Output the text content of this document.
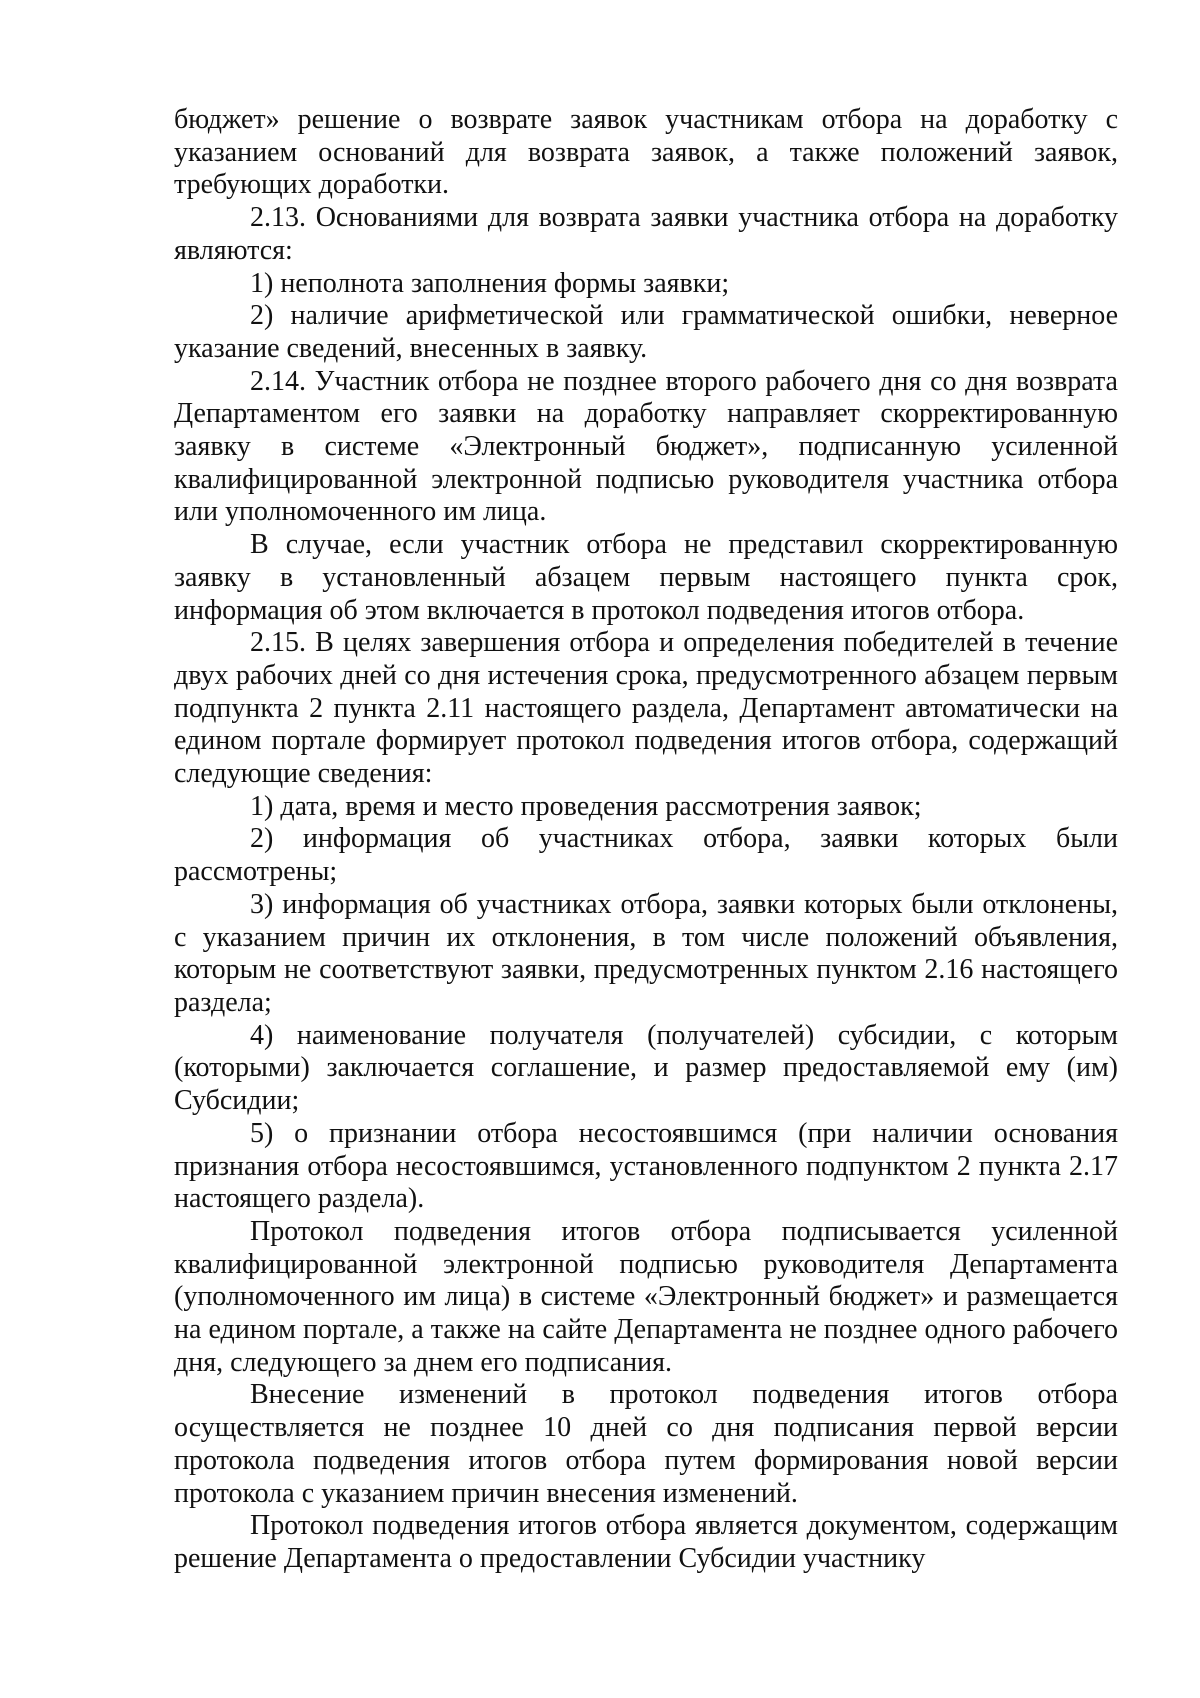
бюджет» решение о возврате заявок участникам отбора на доработку с указанием оснований для возврата заявок, а также положений заявок, требующих доработки.

2.13. Основаниями для возврата заявки участника отбора на доработку являются:

1) неполнота заполнения формы заявки;

2) наличие арифметической или грамматической ошибки, неверное указание сведений, внесенных в заявку.

2.14. Участник отбора не позднее второго рабочего дня со дня возврата Департаментом его заявки на доработку направляет скорректированную заявку в системе «Электронный бюджет», подписанную усиленной квалифицированной электронной подписью руководителя участника отбора или уполномоченного им лица.

В случае, если участник отбора не представил скорректированную заявку в установленный абзацем первым настоящего пункта срок, информация об этом включается в протокол подведения итогов отбора.

2.15. В целях завершения отбора и определения победителей в течение двух рабочих дней со дня истечения срока, предусмотренного абзацем первым подпункта 2 пункта 2.11 настоящего раздела, Департамент автоматически на едином портале формирует протокол подведения итогов отбора, содержащий следующие сведения:

1) дата, время и место проведения рассмотрения заявок;

2) информация об участниках отбора, заявки которых были рассмотрены;

3) информация об участниках отбора, заявки которых были отклонены, с указанием причин их отклонения, в том числе положений объявления, которым не соответствуют заявки, предусмотренных пунктом 2.16 настоящего раздела;

4) наименование получателя (получателей) субсидии, с которым (которыми) заключается соглашение, и размер предоставляемой ему (им) Субсидии;

5) о признании отбора несостоявшимся (при наличии основания признания отбора несостоявшимся, установленного подпунктом 2 пункта 2.17 настоящего раздела).

Протокол подведения итогов отбора подписывается усиленной квалифицированной электронной подписью руководителя Департамента (уполномоченного им лица) в системе «Электронный бюджет» и размещается на едином портале, а также на сайте Департамента не позднее одного рабочего дня, следующего за днем его подписания.

Внесение изменений в протокол подведения итогов отбора осуществляется не позднее 10 дней со дня подписания первой версии протокола подведения итогов отбора путем формирования новой версии протокола с указанием причин внесения изменений.

Протокол подведения итогов отбора является документом, содержащим решение Департамента о предоставлении Субсидии участнику
